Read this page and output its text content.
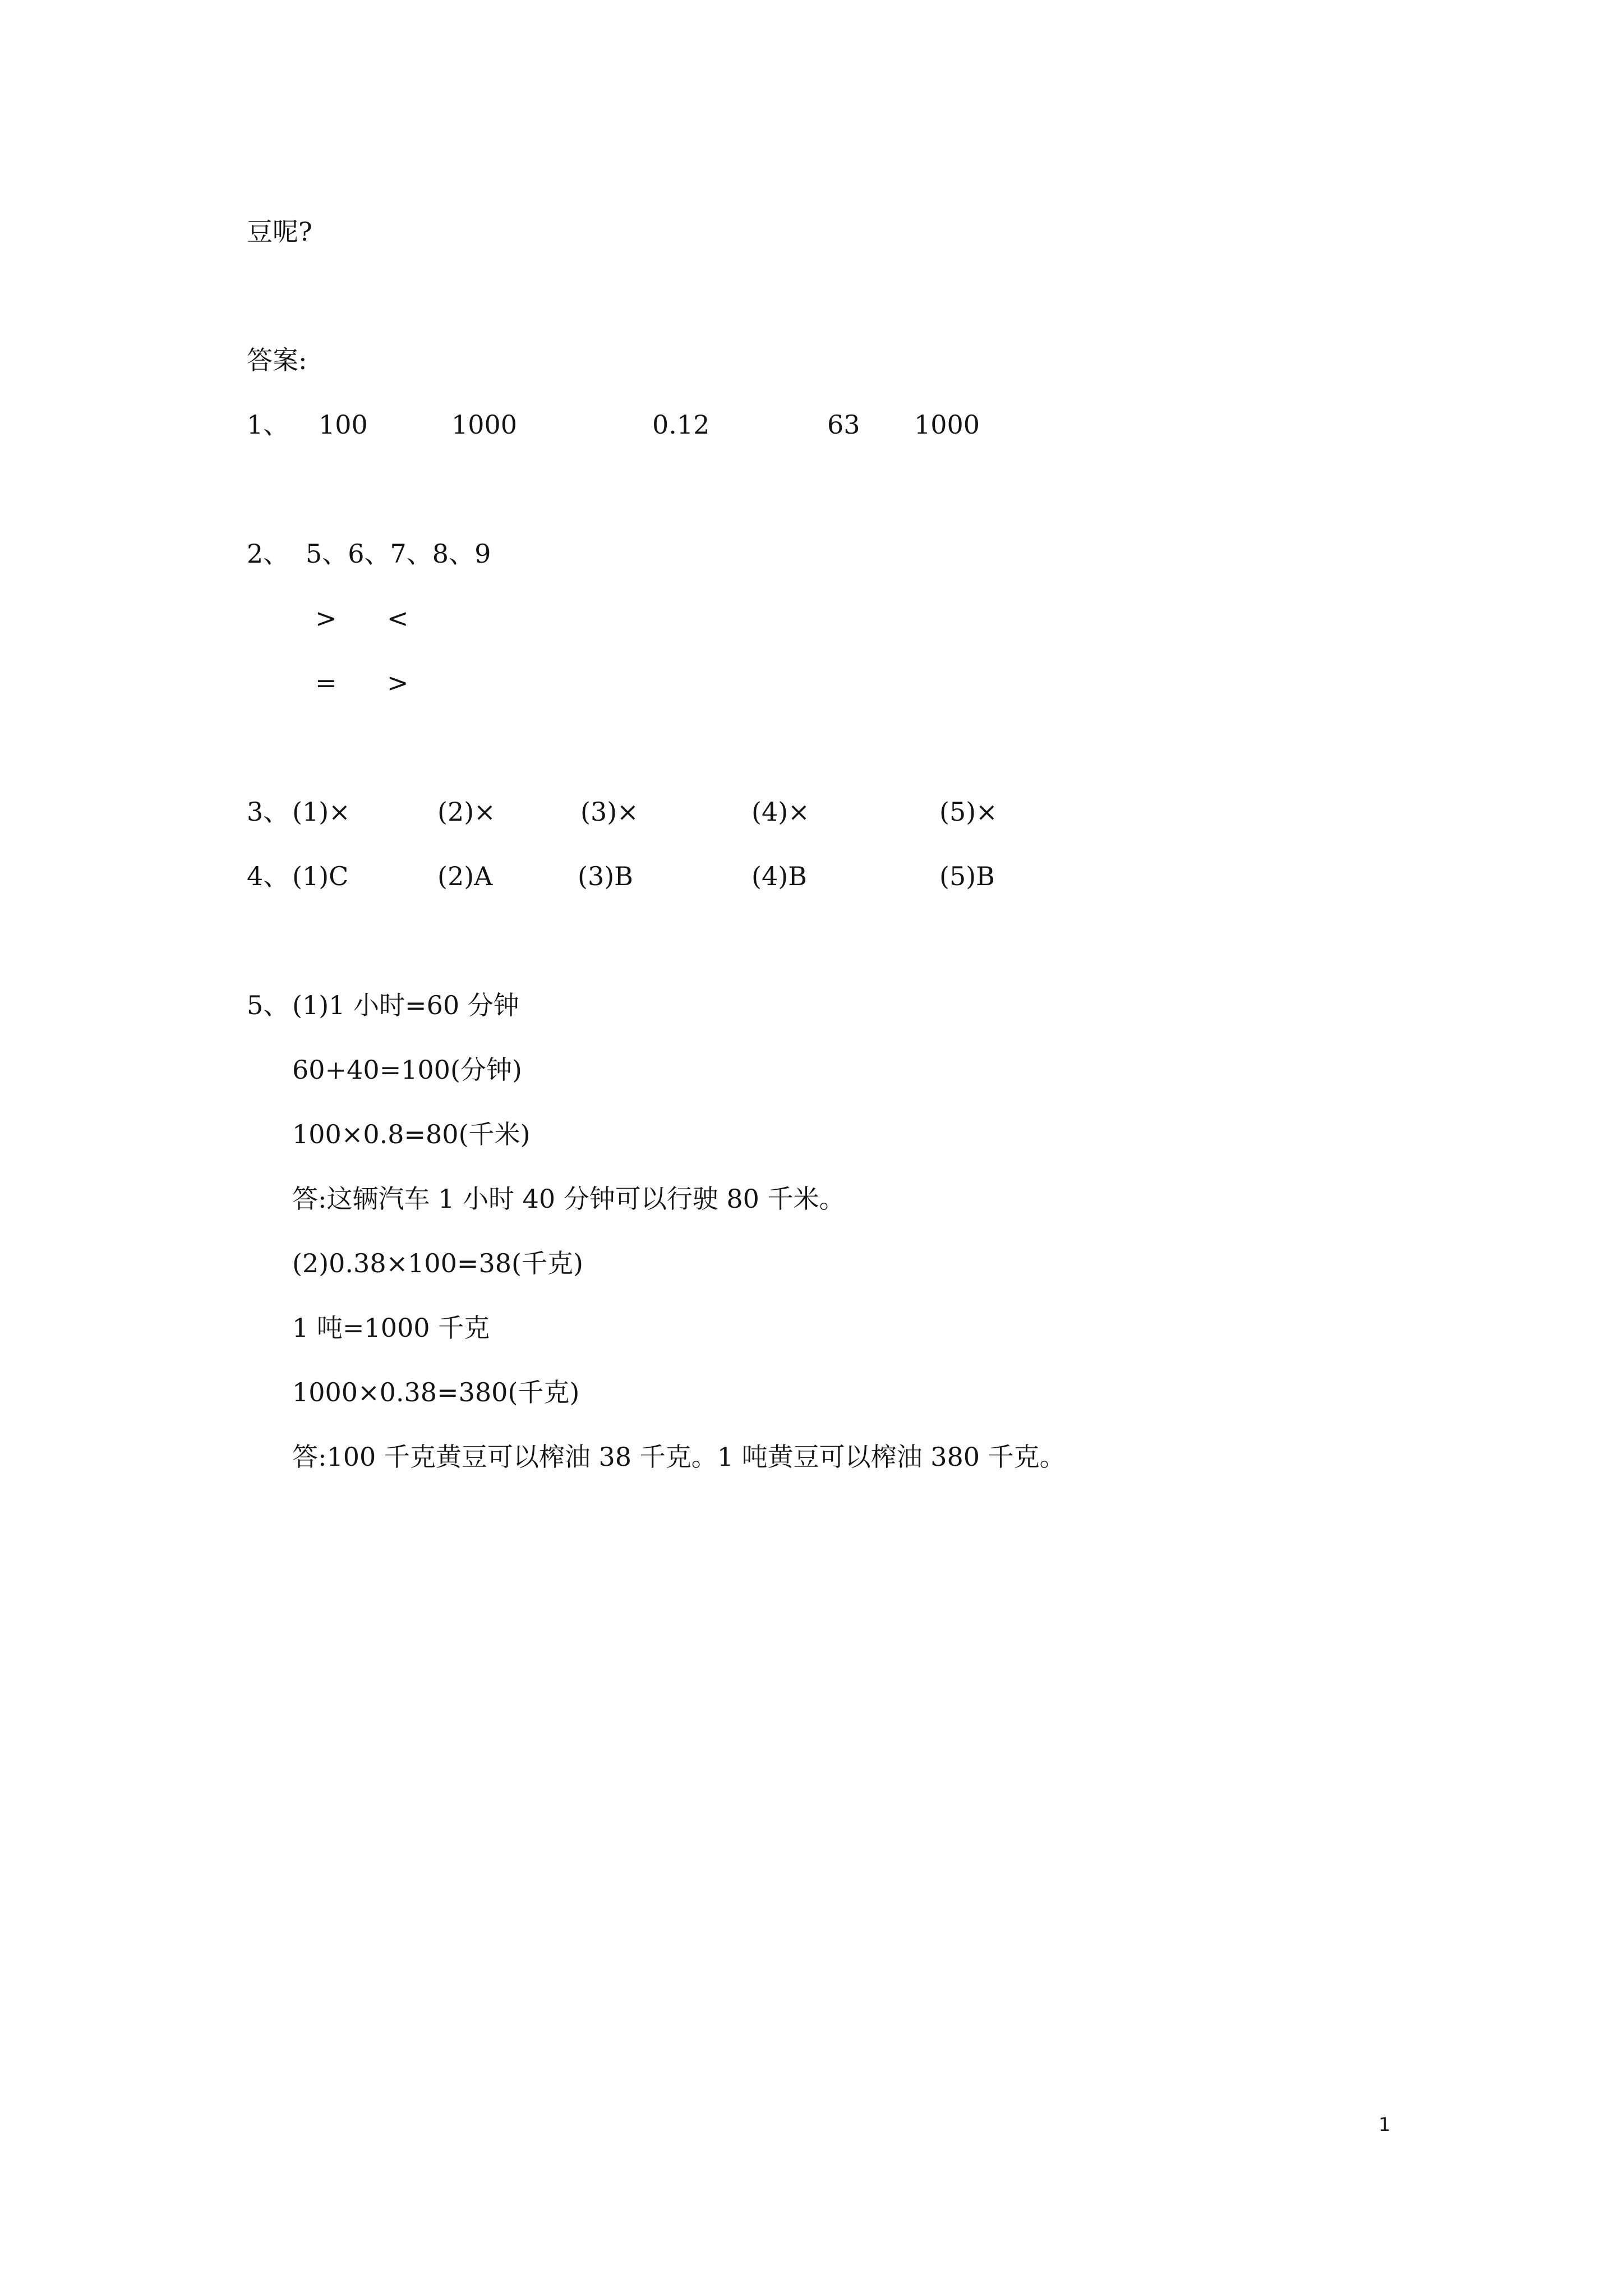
豆呢?
答案:
1、 100	1000	0.12	63 1000
2、 5、6、7、8、9
> <
= >
3、 (1)×	(2)×	(3)×	(4)×	(5)×
4、 (1)C	(2)A	(3)B	(4)B	(5)B
5、 (1)1 小时=60 分钟
60+40=100(分钟)
100×0.8=80(千米)
答:这辆汽车 1 小时 40 分钟可以行驶 80 千米。
(2)0.38×100=38(千克)
1 吨=1000 千克
1000×0.38=380(千克)
答:100 千克黄豆可以榨油 38 千克。1 吨黄豆可以榨油 380 千克。
1
